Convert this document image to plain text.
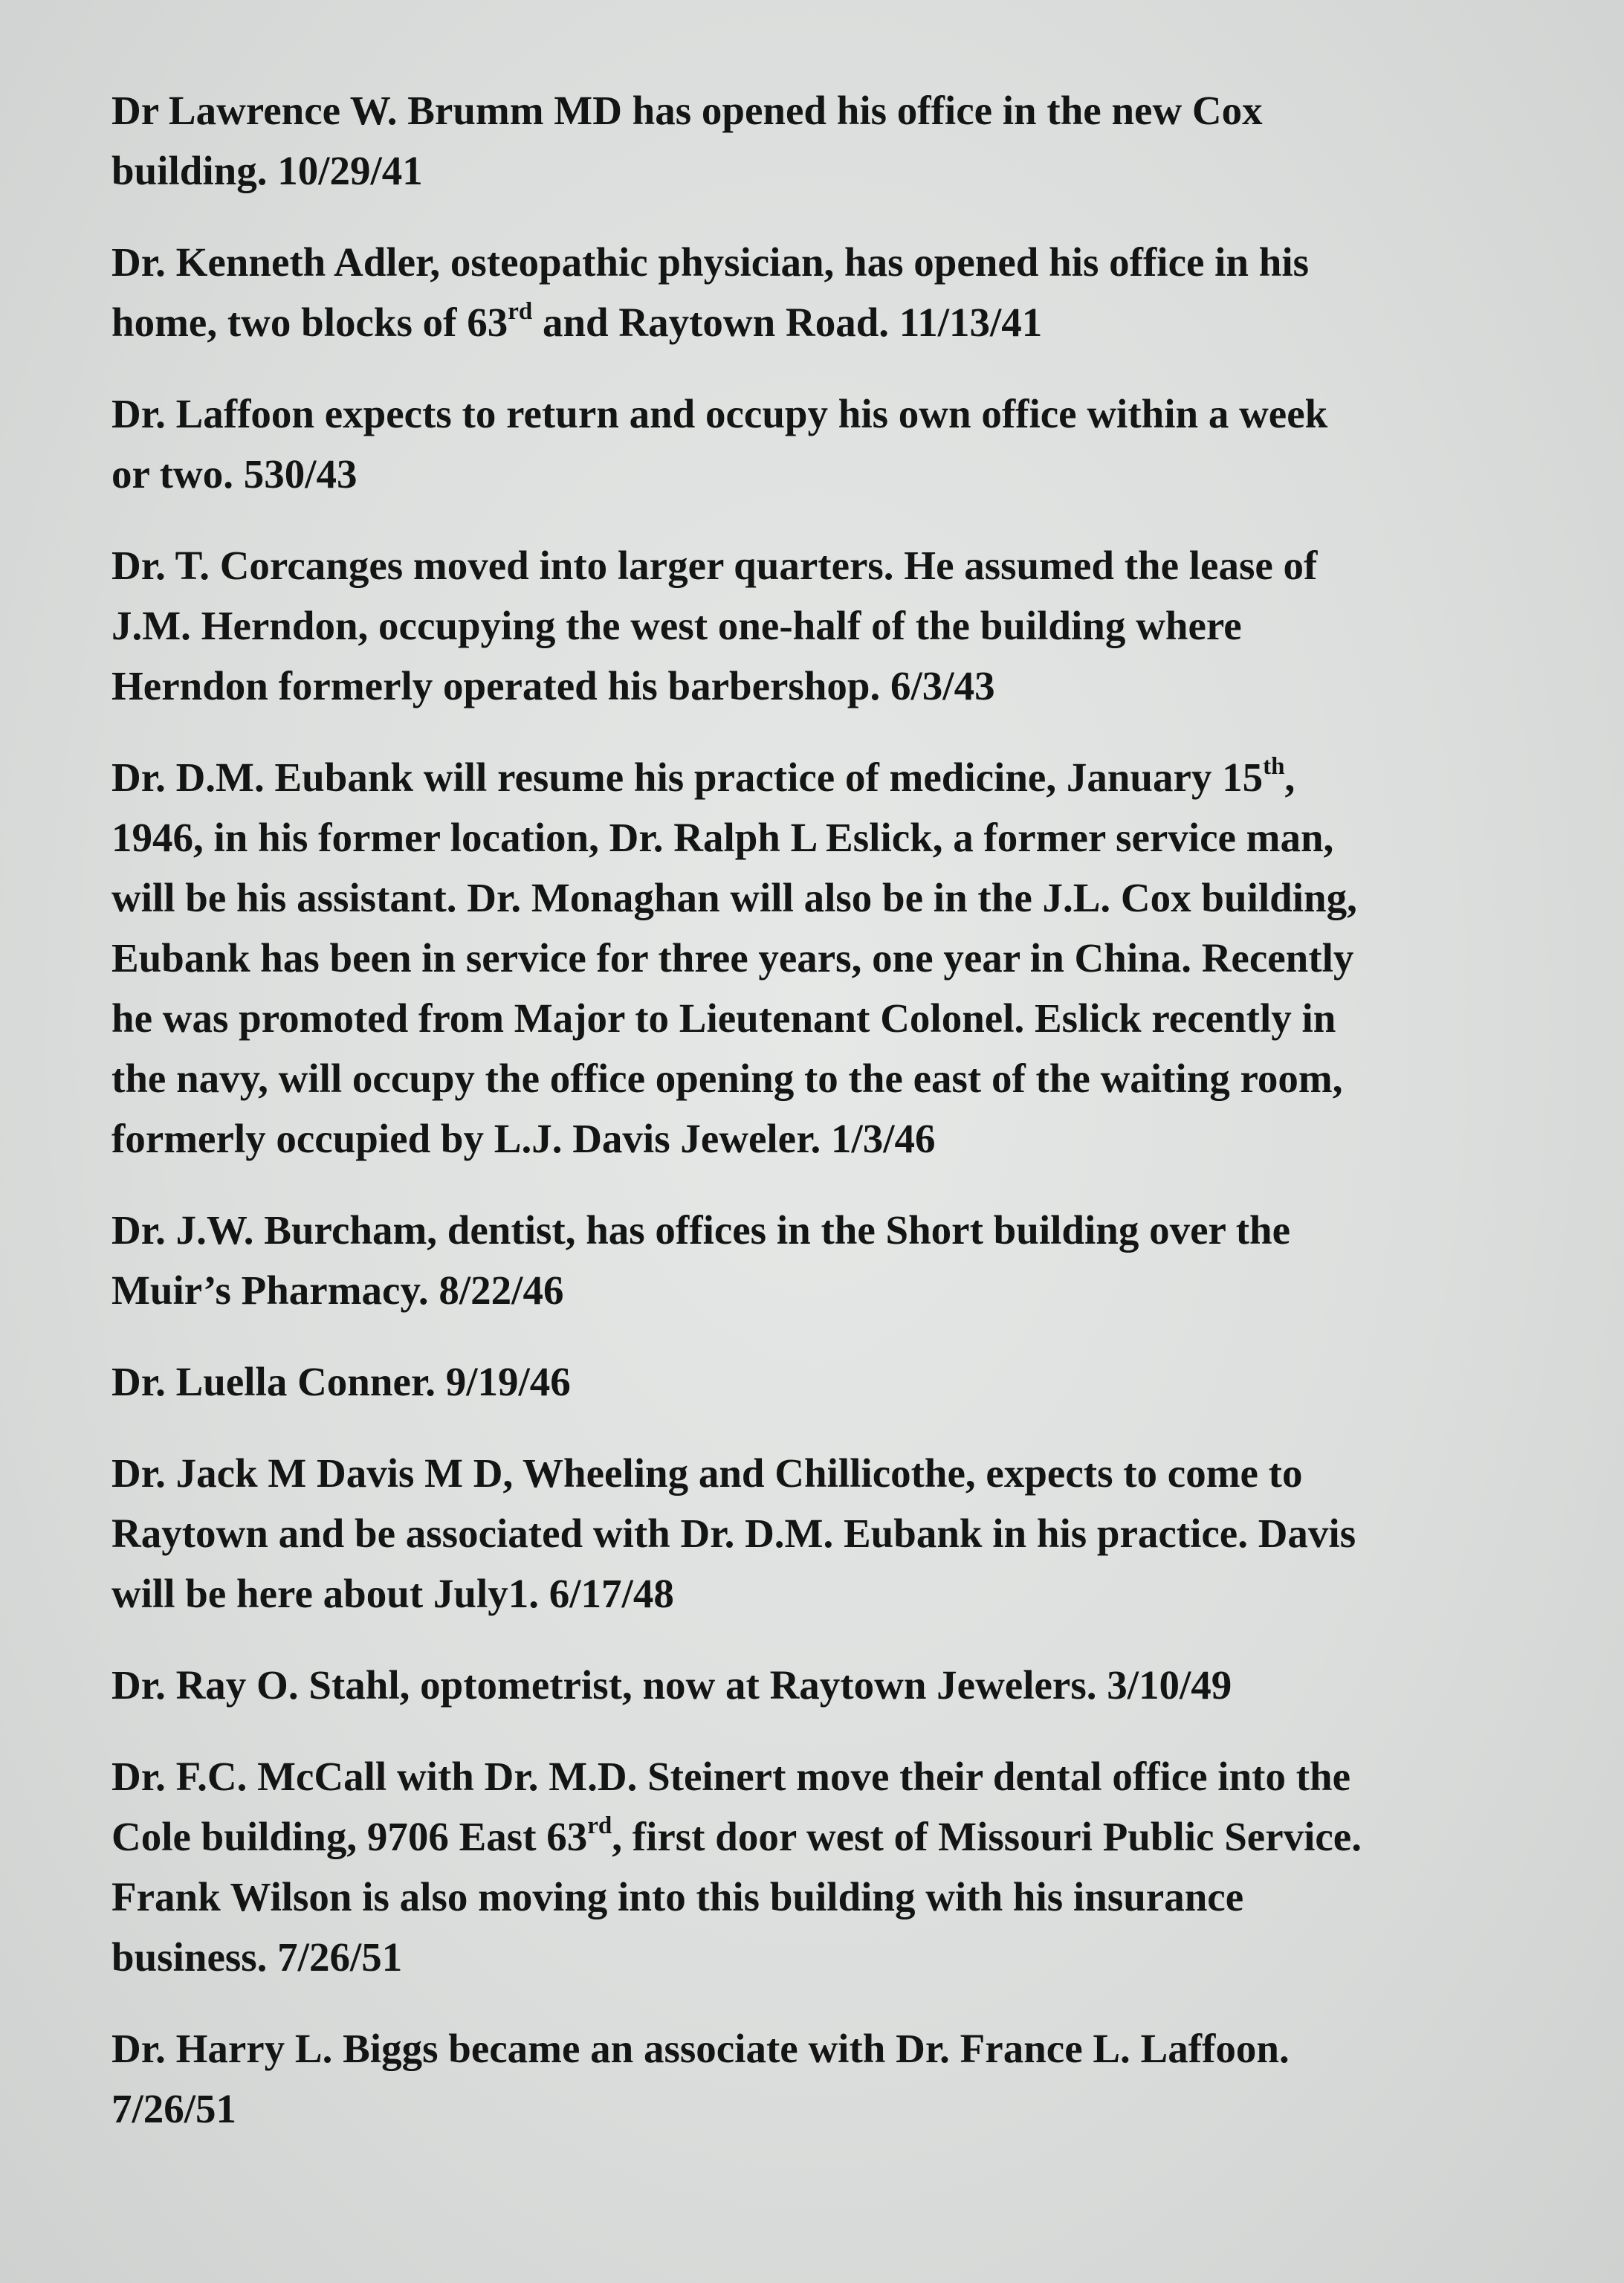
Dr Lawrence W. Brumm MD has opened his office in the new Cox
building. 10/29/41

Dr. Kenneth Adler, osteopathic physician, has opened his office in his
home, two blocks of 63rd and Raytown Road. 11/13/41

Dr. Laffoon expects to return and occupy his own office within a week
or two. 530/43

Dr. T. Corcanges moved into larger quarters. He assumed the lease of
J.M. Herndon, occupying the west one-half of the building where
Herndon formerly operated his barbershop. 6/3/43

Dr. D.M. Eubank will resume his practice of medicine, January 15th,
1946, in his former location, Dr. Ralph L Eslick, a former service man,
will be his assistant. Dr. Monaghan will also be in the J.L. Cox building,
Eubank has been in service for three years, one year in China. Recently
he was promoted from Major to Lieutenant Colonel. Eslick recently in
the navy, will occupy the office opening to the east of the waiting room,
formerly occupied by L.J. Davis Jeweler. 1/3/46

Dr. J.W. Burcham, dentist, has offices in the Short building over the
Muir’s Pharmacy. 8/22/46

Dr. Luella Conner. 9/19/46

Dr. Jack M Davis M D, Wheeling and Chillicothe, expects to come to
Raytown and be associated with Dr. D.M. Eubank in his practice. Davis
will be here about July1. 6/17/48

Dr. Ray O. Stahl, optometrist, now at Raytown Jewelers. 3/10/49

Dr. F.C. McCall with Dr. M.D. Steinert move their dental office into the
Cole building, 9706 East 63rd, first door west of Missouri Public Service.
Frank Wilson is also moving into this building with his insurance
business. 7/26/51

Dr. Harry L. Biggs became an associate with Dr. France L. Laffoon.
7/26/51
